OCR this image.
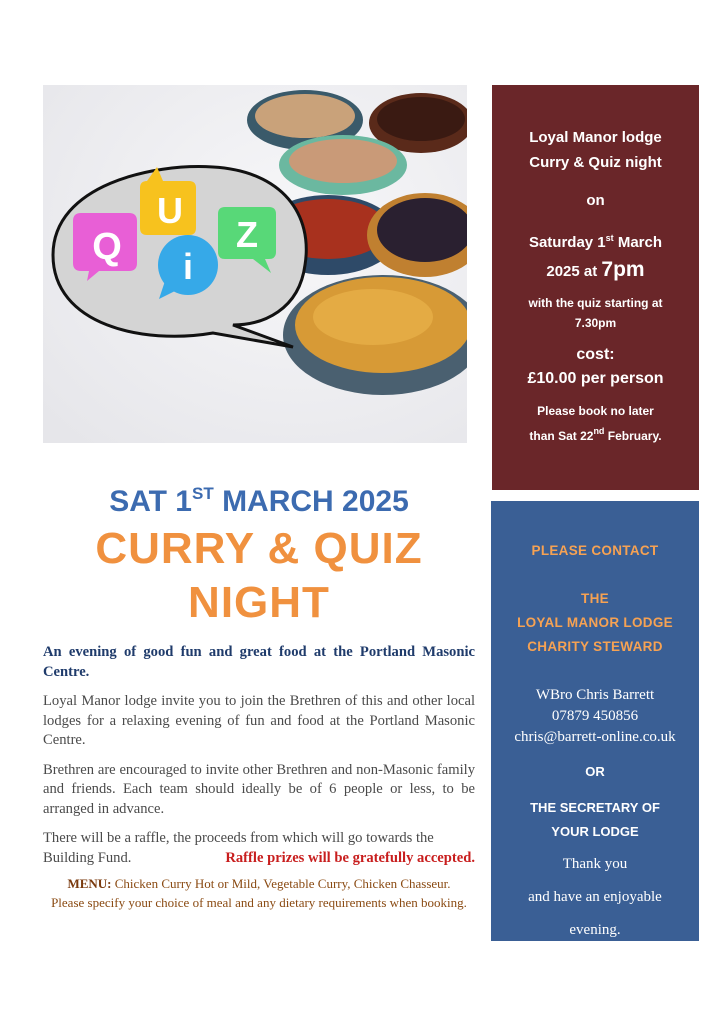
Q
U
i
Z
SAT 1ST MARCH 2025
CURRY & QUIZ
NIGHT

An evening of good fun and great food at the Portland Masonic Centre.

Loyal Manor lodge invite you to join the Brethren of this and other local lodges for a relaxing evening of fun and food at the Portland Masonic Centre.

Brethren are encouraged to invite other Brethren and non-Masonic family and friends. Each team should ideally be of 6 people or less, to be arranged in advance.

There will be a raffle, the proceeds from which will go towards the

Building Fund.	Raffle prizes will be gratefully accepted.

MENU: Chicken Curry Hot or Mild, Vegetable Curry, Chicken Chasseur.
Please specify your choice of meal and any dietary requirements when booking.

Loyal Manor lodge
Curry & Quiz night
on
Saturday 1st March
2025 at 7pm
with the quiz starting at
7.30pm
cost:
£10.00 per person
Please book no later
than Sat 22nd February.
PLEASE CONTACT
THE
LOYAL MANOR LODGE
CHARITY STEWARD
WBro Chris Barrett
07879 450856
chris@barrett-online.co.uk
OR
THE SECRETARY OF
YOUR LODGE
Thank you
and have an enjoyable
evening.
